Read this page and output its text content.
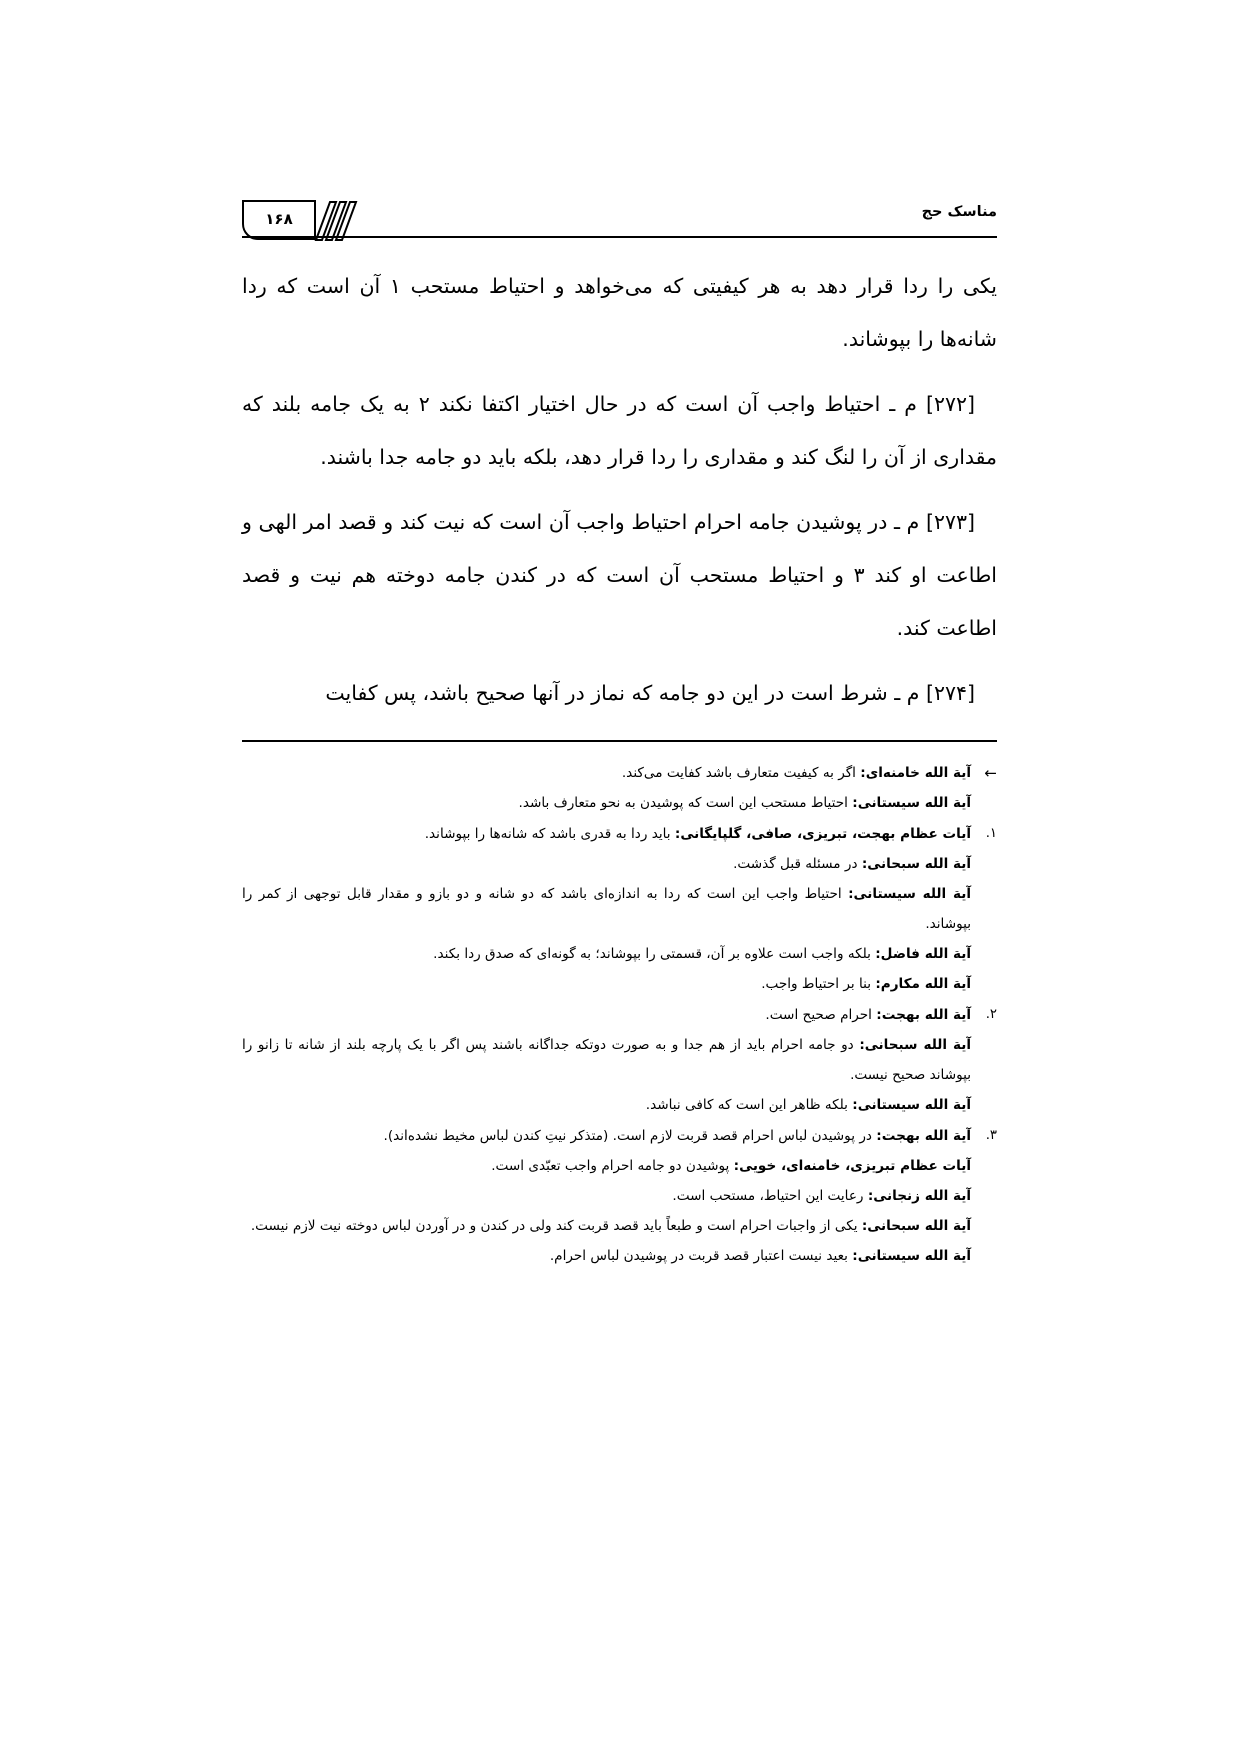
مناسک حج
۱۶۸

یکی را ردا قرار دهد به هر کیفیتی که می‌خواهد و احتیاط مستحب ١ آن است که ردا شانه‌ها را بپوشاند.

[۲۷۲] م ـ احتیاط واجب آن است که در حال اختیار اکتفا نکند ٢ به یک جامه بلند که مقداری از آن را لنگ کند و مقداری را ردا قرار دهد، بلکه باید دو جامه جدا باشند.

[۲۷۳] م ـ در پوشیدن جامه احرام احتیاط واجب آن است که نیت کند و قصد امر الهی و اطاعت او کند ٣ و احتیاط مستحب آن است که در کندن جامه دوخته هم نیت و قصد اطاعت کند.

[۲۷۴] م ـ شرط است در این دو جامه که نماز در آنها صحیح باشد، پس کفایت

←

آیة الله خامنه‌ای: اگر به کیفیت متعارف باشد کفایت می‌کند.

آیة الله سیستانی: احتیاط مستحب این است که پوشیدن به نحو متعارف باشد.

۱.

آیات عظام بهجت، تبریزی، صافی، گلپایگانی: باید ردا به قدری باشد که شانه‌ها را بپوشاند.

آیة الله سبحانی: در مسئله قبل گذشت.

آیة الله سیستانی: احتیاط واجب این است که ردا به اندازه‌ای باشد که دو شانه و دو بازو و مقدار قابل توجهی از کمر را بپوشاند.

آیة الله فاضل: بلکه واجب است علاوه بر آن، قسمتی را بپوشاند؛ به گونه‌ای که صدق ردا بکند.

آیة الله مکارم: بنا بر احتیاط واجب.

۲.

آیة الله بهجت: احرام صحیح است.

آیة الله سبحانی: دو جامه احرام باید از هم جدا و به صورت دوتکه جداگانه باشند پس اگر با یک پارچه بلند از شانه تا زانو را بپوشاند صحیح نیست.

آیة الله سیستانی: بلکه ظاهر این است که کافی نباشد.

۳.

آیة الله بهجت: در پوشیدن لباس احرام قصد قربت لازم است. (متذکر نیتِ کندن لباس مخیط نشده‌اند).

آیات عظام تبریزی، خامنه‌ای، خویی: پوشیدن دو جامه احرام واجب تعبّدی است.

آیة الله زنجانی: رعایت این احتیاط، مستحب است.

آیة الله سبحانی: یکی از واجبات احرام است و طبعاً باید قصد قربت کند ولی در کندن و در آوردن لباس دوخته نیت لازم نیست.

آیة الله سیستانی: بعید نیست اعتبار قصد قربت در پوشیدن لباس احرام.
